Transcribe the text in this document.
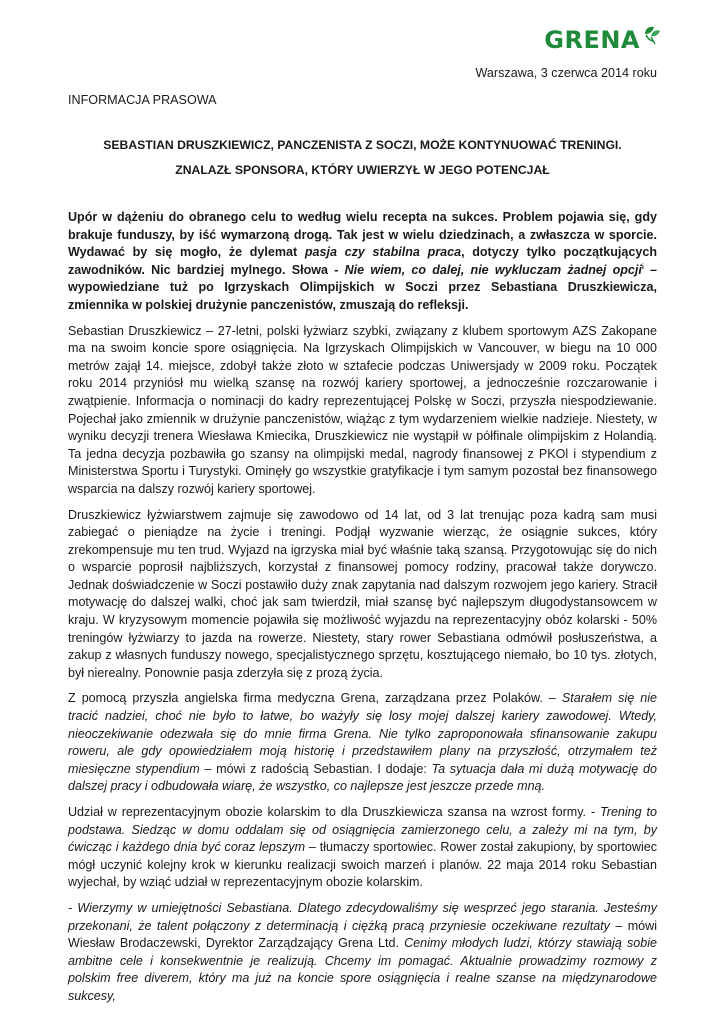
GRENA
Warszawa, 3 czerwca 2014 roku
INFORMACJA PRASOWA
SEBASTIAN DRUSZKIEWICZ, PANCZENISTA Z SOCZI, MOŻE KONTYNUOWAĆ TRENINGI.
ZNALAZŁ SPONSORA, KTÓRY UWIERZYŁ W JEGO POTENCJAŁ

Upór w dążeniu do obranego celu to według wielu recepta na sukces. Problem pojawia się, gdy brakuje funduszy, by iść wymarzoną drogą. Tak jest w wielu dziedzinach, a zwłaszcza w sporcie. Wydawać by się mogło, że dylemat pasja czy stabilna praca, dotyczy tylko początkujących zawodników. Nic bardziej mylnego. Słowa - Nie wiem, co dalej, nie wykluczam żadnej opcji$^i$ – wypowiedziane tuż po Igrzyskach Olimpijskich w Soczi przez Sebastiana Druszkiewicza, zmiennika w polskiej drużynie panczenistów, zmuszają do refleksji.

Sebastian Druszkiewicz – 27-letni, polski łyżwiarz szybki, związany z klubem sportowym AZS Zakopane ma na swoim koncie spore osiągnięcia. Na Igrzyskach Olimpijskich w Vancouver, w biegu na 10 000 metrów zajął 14. miejsce, zdobył także złoto w sztafecie podczas Uniwersjady w 2009 roku. Początek roku 2014 przyniósł mu wielką szansę na rozwój kariery sportowej, a jednocześnie rozczarowanie i zwątpienie. Informacja o nominacji do kadry reprezentującej Polskę w Soczi, przyszła niespodziewanie. Pojechał jako zmiennik w drużynie panczenistów, wiążąc z tym wydarzeniem wielkie nadzieje. Niestety, w wyniku decyzji trenera Wiesława Kmiecika, Druszkiewicz nie wystąpił w półfinale olimpijskim z Holandią. Ta jedna decyzja pozbawiła go szansy na olimpijski medal, nagrody finansowej z PKOl i stypendium z Ministerstwa Sportu i Turystyki. Ominęły go wszystkie gratyfikacje i tym samym pozostał bez finansowego wsparcia na dalszy rozwój kariery sportowej.

Druszkiewicz łyżwiarstwem zajmuje się zawodowo od 14 lat, od 3 lat trenując poza kadrą sam musi zabiegać o pieniądze na życie i treningi. Podjął wyzwanie wierząc, że osiągnie sukces, który zrekompensuje mu ten trud. Wyjazd na igrzyska miał być właśnie taką szansą. Przygotowując się do nich o wsparcie poprosił najbliższych, korzystał z finansowej pomocy rodziny, pracował także dorywczo. Jednak doświadczenie w Soczi postawiło duży znak zapytania nad dalszym rozwojem jego kariery. Stracił motywację do dalszej walki, choć jak sam twierdził, miał szansę być najlepszym długodystansowcem w kraju. W kryzysowym momencie pojawiła się możliwość wyjazdu na reprezentacyjny obóz kolarski - 50% treningów łyżwiarzy to jazda na rowerze. Niestety, stary rower Sebastiana odmówił posłuszeństwa, a zakup z własnych funduszy nowego, specjalistycznego sprzętu, kosztującego niemało, bo 10 tys. złotych, był nierealny. Ponownie pasja zderzyła się z prozą życia.

Z pomocą przyszła angielska firma medyczna Grena, zarządzana przez Polaków. – Starałem się nie tracić nadziei, choć nie było to łatwe, bo ważyły się losy mojej dalszej kariery zawodowej. Wtedy, nieoczekiwanie odezwała się do mnie firma Grena. Nie tylko zaproponowała sfinansowanie zakupu roweru, ale gdy opowiedziałem moją historię i przedstawiłem plany na przyszłość, otrzymałem też miesięczne stypendium – mówi z radością Sebastian. I dodaje: Ta sytuacja dała mi dużą motywację do dalszej pracy i odbudowała wiarę, że wszystko, co najlepsze jest jeszcze przede mną.

Udział w reprezentacyjnym obozie kolarskim to dla Druszkiewicza szansa na wzrost formy. - Trening to podstawa. Siedząc w domu oddalam się od osiągnięcia zamierzonego celu, a zależy mi na tym, by ćwicząc i każdego dnia być coraz lepszym – tłumaczy sportowiec. Rower został zakupiony, by sportowiec mógł uczynić kolejny krok w kierunku realizacji swoich marzeń i planów. 22 maja 2014 roku Sebastian wyjechał, by wziąć udział w reprezentacyjnym obozie kolarskim.

- Wierzymy w umiejętności Sebastiana. Dlatego zdecydowaliśmy się wesprzeć jego starania. Jesteśmy przekonani, że talent połączony z determinacją i ciężką pracą przyniesie oczekiwane rezultaty – mówi Wiesław Brodaczewski, Dyrektor Zarządzający Grena Ltd. Cenimy młodych ludzi, którzy stawiają sobie ambitne cele i konsekwentnie je realizują. Chcemy im pomagać. Aktualnie prowadzimy rozmowy z polskim free diverem, który ma już na koncie spore osiągnięcia i realne szanse na międzynarodowe sukcesy,
